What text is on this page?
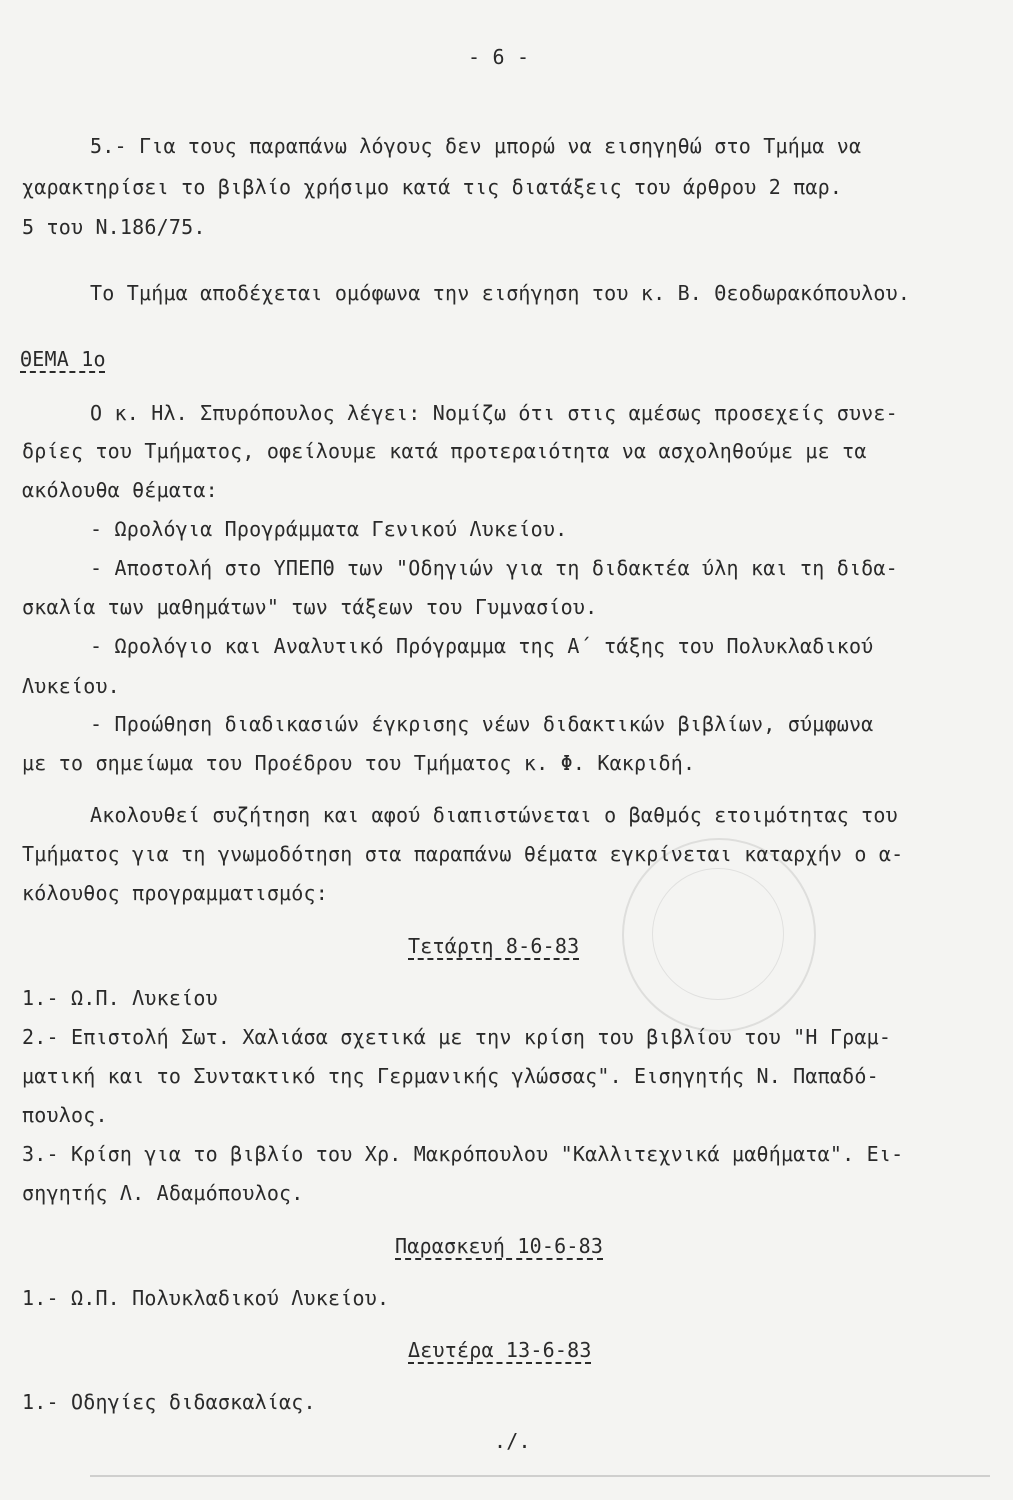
- 6 -
5.- Για τους παραπάνω λόγους δεν μπορώ να εισηγηθώ στο Τμήμα να
χαρακτηρίσει το βιβλίο χρήσιμο κατά τις διατάξεις του άρθρου 2 παρ.
5 του Ν.186/75.
Το Τμήμα αποδέχεται ομόφωνα την εισήγηση του κ. Β. Θεοδωρακόπουλου.
ΘΕΜΑ 1ο
Ο κ. Ηλ. Σπυρόπουλος λέγει: Νομίζω ότι στις αμέσως προσεχείς συνε-
δρίες του Τμήματος, οφείλουμε κατά προτεραιότητα να ασχοληθούμε με τα
ακόλουθα θέματα:
- Ωρολόγια Προγράμματα Γενικού Λυκείου.
- Αποστολή στο ΥΠΕΠΘ των "Οδηγιών για τη διδακτέα ύλη και τη διδα-
σκαλία των μαθημάτων" των τάξεων του Γυμνασίου.
- Ωρολόγιο και Αναλυτικό Πρόγραμμα της Α΄ τάξης του Πολυκλαδικού
Λυκείου.
- Προώθηση διαδικασιών έγκρισης νέων διδακτικών βιβλίων, σύμφωνα
με το σημείωμα του Προέδρου του Τμήματος κ. Φ. Κακριδή.
Ακολουθεί συζήτηση και αφού διαπιστώνεται ο βαθμός ετοιμότητας του
Τμήματος για τη γνωμοδότηση στα παραπάνω θέματα εγκρίνεται καταρχήν ο α-
κόλουθος προγραμματισμός:
Τετάρτη 8-6-83
1.- Ω.Π. Λυκείου
2.- Επιστολή Σωτ. Χαλιάσα σχετικά με την κρίση του βιβλίου του "Η Γραμ-
ματική και το Συντακτικό της Γερμανικής γλώσσας". Εισηγητής Ν. Παπαδό-
πουλος.
3.- Κρίση για το βιβλίο του Χρ. Μακρόπουλου "Καλλιτεχνικά μαθήματα". Ει-
σηγητής Λ. Αδαμόπουλος.
Παρασκευή 10-6-83
1.- Ω.Π. Πολυκλαδικού Λυκείου.
Δευτέρα 13-6-83
1.- Οδηγίες διδασκαλίας.
./.
